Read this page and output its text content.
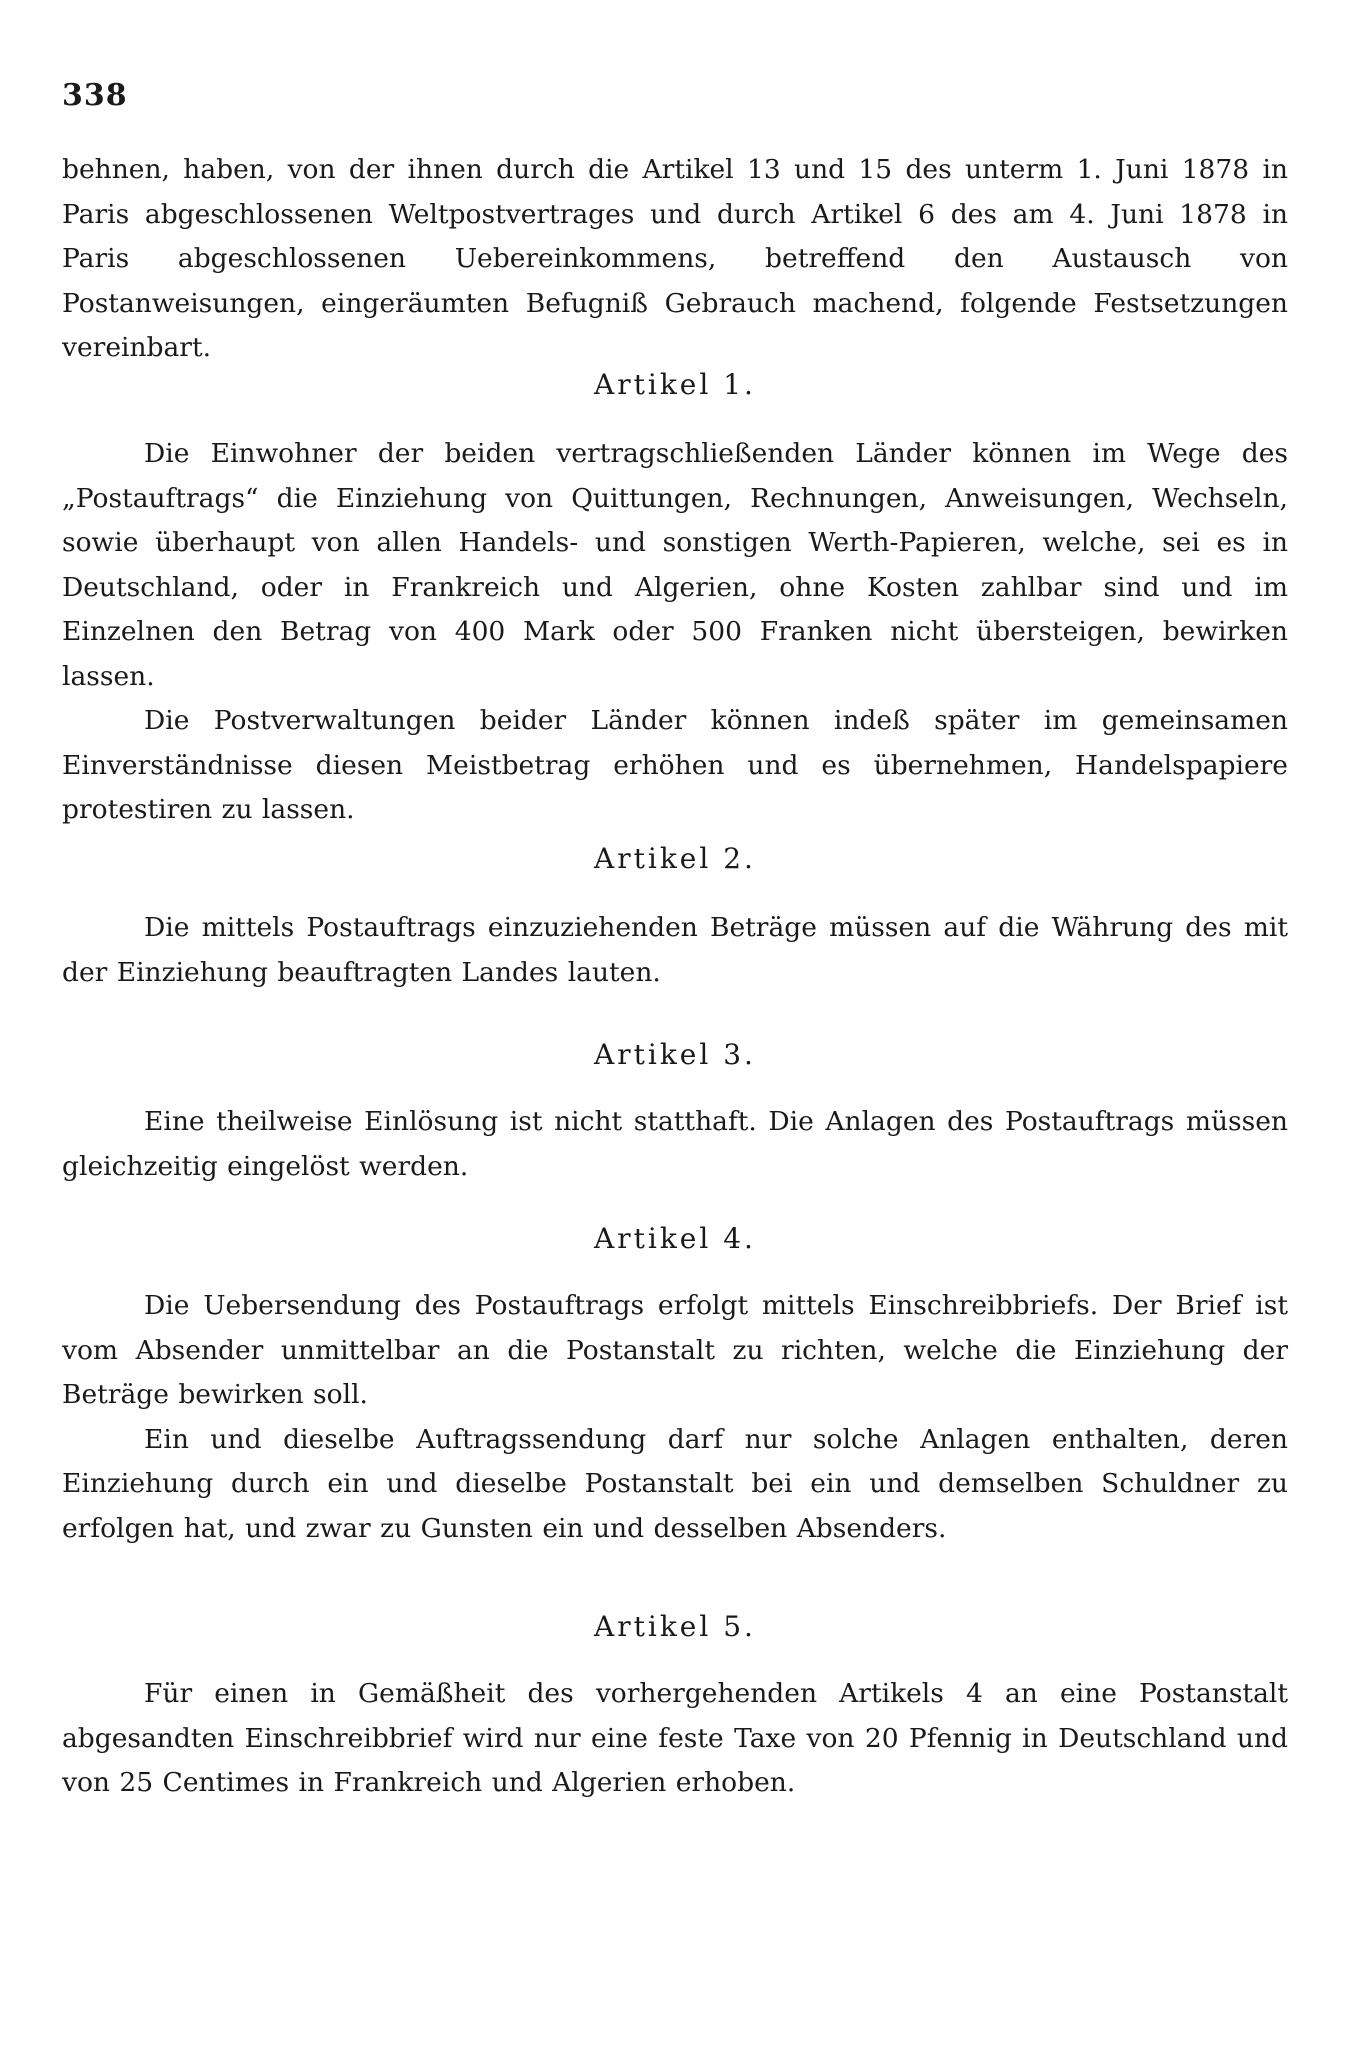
338

behnen, haben, von der ihnen durch die Artikel 13 und 15 des unterm 1. Juni 1878 in Paris abgeschlossenen Weltpostvertrages und durch Artikel 6 des am 4. Juni 1878 in Paris abgeschlossenen Uebereinkommens, betreffend den Austausch von Postanweisungen, eingeräumten Befugniß Gebrauch machend, folgende Festsetzungen vereinbart.

Artikel 1.

Die Einwohner der beiden vertragschließenden Länder können im Wege des „Postauftrags“ die Einziehung von Quittungen, Rechnungen, Anweisungen, Wechseln, sowie überhaupt von allen Handels- und sonstigen Werth-Papieren, welche, sei es in Deutschland, oder in Frankreich und Algerien, ohne Kosten zahlbar sind und im Einzelnen den Betrag von 400 Mark oder 500 Franken nicht übersteigen, bewirken lassen.

Die Postverwaltungen beider Länder können indeß später im gemeinsamen Einverständnisse diesen Meistbetrag erhöhen und es übernehmen, Handelspapiere protestiren zu lassen.

Artikel 2.

Die mittels Postauftrags einzuziehenden Beträge müssen auf die Währung des mit der Einziehung beauftragten Landes lauten.

Artikel 3.

Eine theilweise Einlösung ist nicht statthaft. Die Anlagen des Postauftrags müssen gleichzeitig eingelöst werden.

Artikel 4.

Die Uebersendung des Postauftrags erfolgt mittels Einschreibbriefs. Der Brief ist vom Absender unmittelbar an die Postanstalt zu richten, welche die Einziehung der Beträge bewirken soll.

Ein und dieselbe Auftragssendung darf nur solche Anlagen enthalten, deren Einziehung durch ein und dieselbe Postanstalt bei ein und demselben Schuldner zu erfolgen hat, und zwar zu Gunsten ein und desselben Absenders.

Artikel 5.

Für einen in Gemäßheit des vorhergehenden Artikels 4 an eine Postanstalt abgesandten Einschreibbrief wird nur eine feste Taxe von 20 Pfennig in Deutschland und von 25 Centimes in Frankreich und Algerien erhoben.
